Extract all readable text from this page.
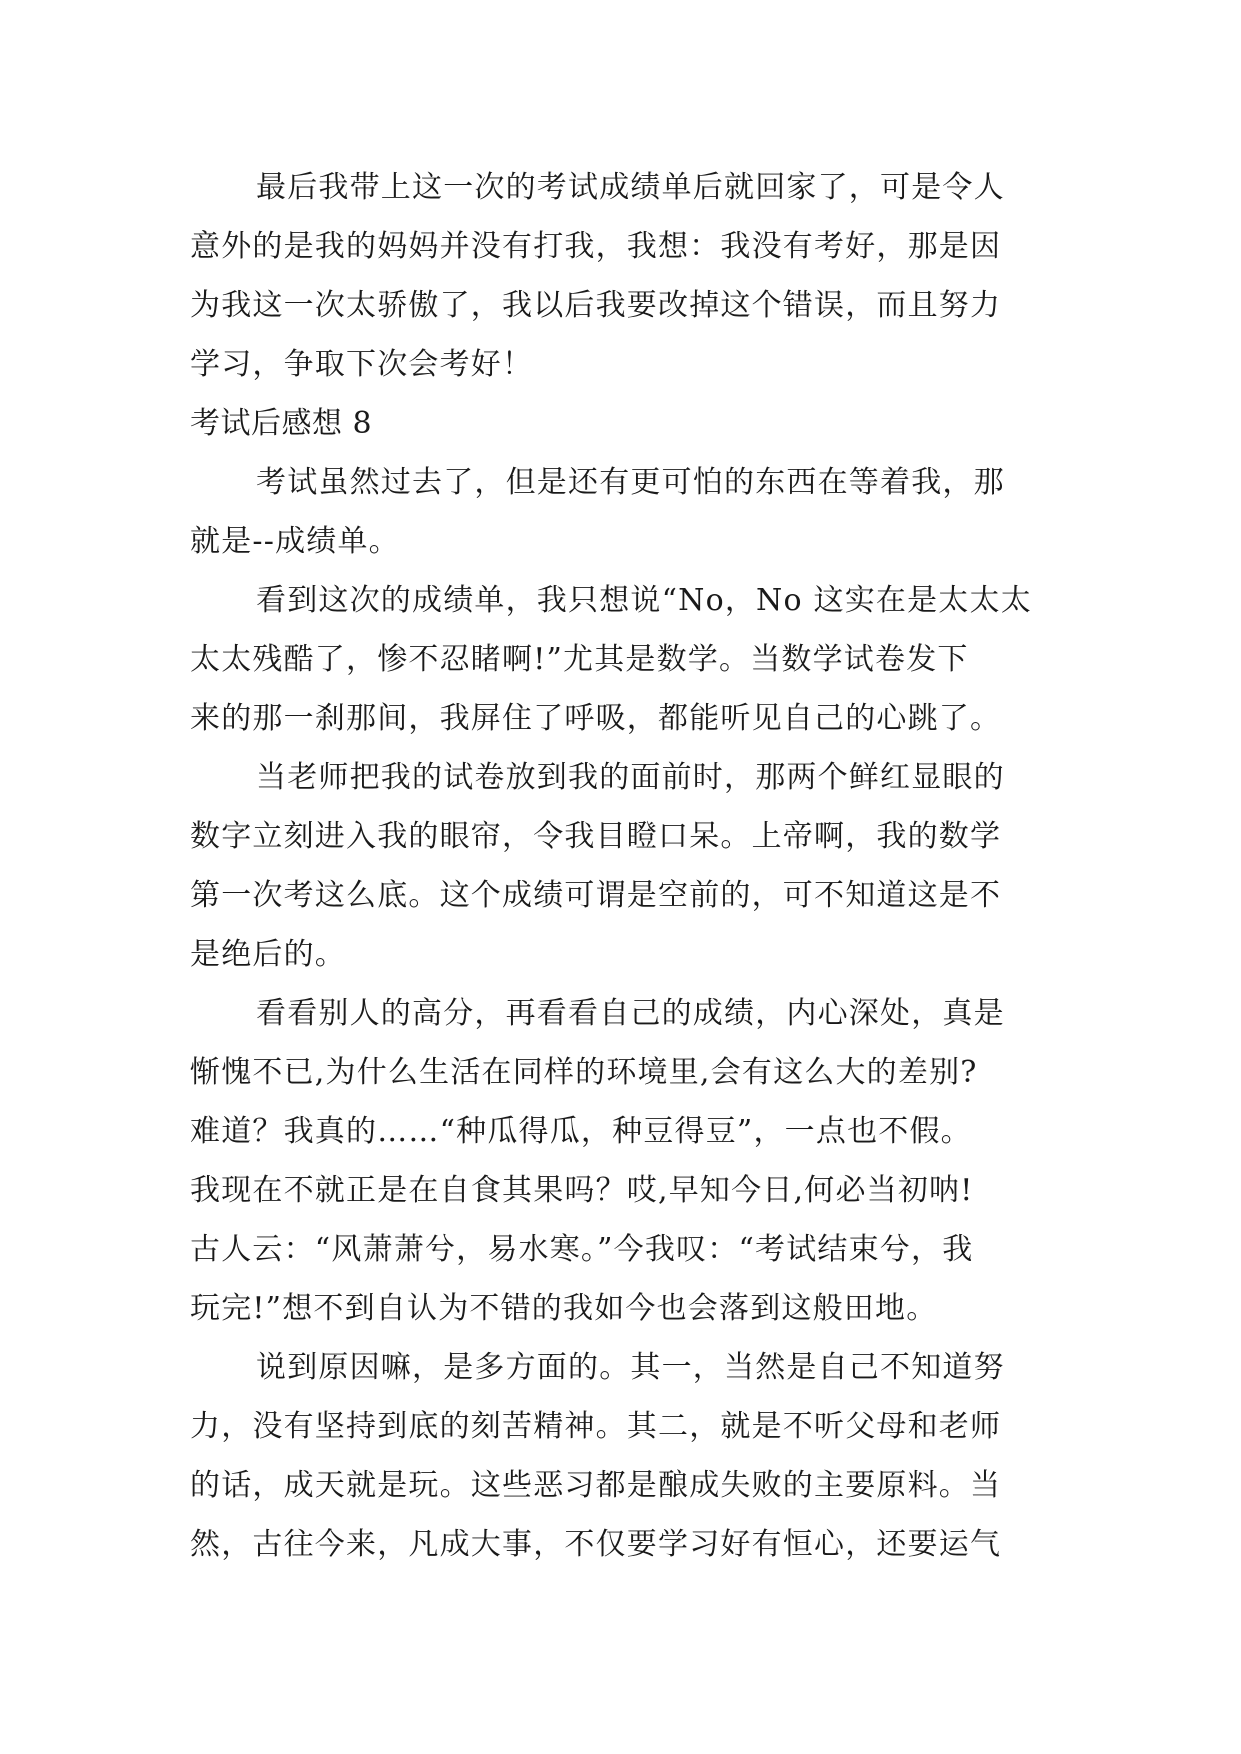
最后我带上这一次的考试成绩单后就回家了，可是令人
意外的是我的妈妈并没有打我，我想：我没有考好，那是因
为我这一次太骄傲了，我以后我要改掉这个错误，而且努力
学习，争取下次会考好！
考试后感想 8
考试虽然过去了，但是还有更可怕的东西在等着我，那
就是--成绩单。
看到这次的成绩单，我只想说“No，No 这实在是太太太
太太残酷了，惨不忍睹啊!”尤其是数学。当数学试卷发下
来的那一刹那间，我屏住了呼吸，都能听见自己的心跳了。
当老师把我的试卷放到我的面前时，那两个鲜红显眼的
数字立刻进入我的眼帘，令我目瞪口呆。上帝啊，我的数学
第一次考这么底。这个成绩可谓是空前的，可不知道这是不
是绝后的。
看看别人的高分，再看看自己的成绩，内心深处，真是
惭愧不已,为什么生活在同样的环境里,会有这么大的差别?
难道？我真的……“种瓜得瓜，种豆得豆”，一点也不假。
我现在不就正是在自食其果吗？哎,早知今日,何必当初呐!
古人云：“风萧萧兮，易水寒。”今我叹：“考试结束兮，我
玩完!”想不到自认为不错的我如今也会落到这般田地。
说到原因嘛，是多方面的。其一，当然是自己不知道努
力，没有坚持到底的刻苦精神。其二，就是不听父母和老师
的话，成天就是玩。这些恶习都是酿成失败的主要原料。当
然，古往今来，凡成大事，不仅要学习好有恒心，还要运气
